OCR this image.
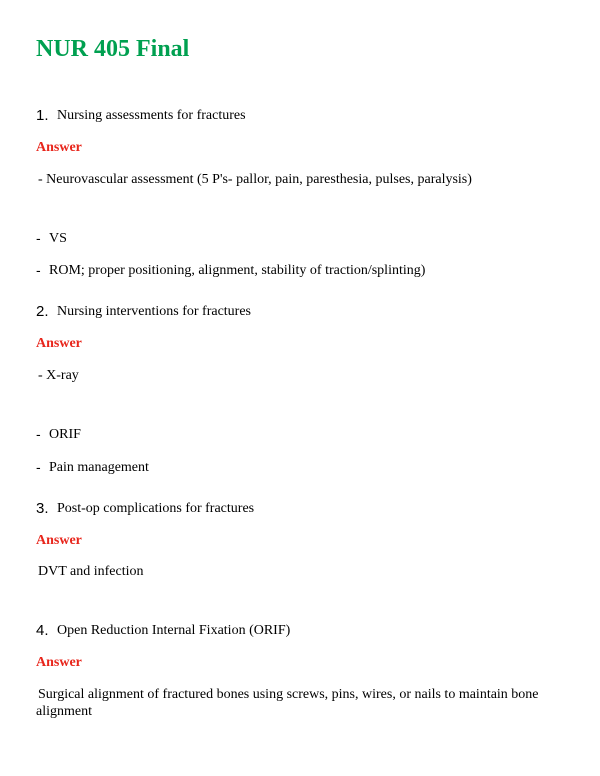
NUR 405 Final
1. Nursing assessments for fractures
Answer
- Neurovascular assessment (5 P's- pallor, pain, paresthesia, pulses, paralysis)
- VS
- ROM; proper positioning, alignment, stability of traction/splinting)
2. Nursing interventions for fractures
Answer
- X-ray
- ORIF
- Pain management
3. Post-op complications for fractures
Answer
DVT and infection
4. Open Reduction Internal Fixation (ORIF)
Answer
Surgical alignment of fractured bones using screws, pins, wires, or nails to maintain bone alignment
